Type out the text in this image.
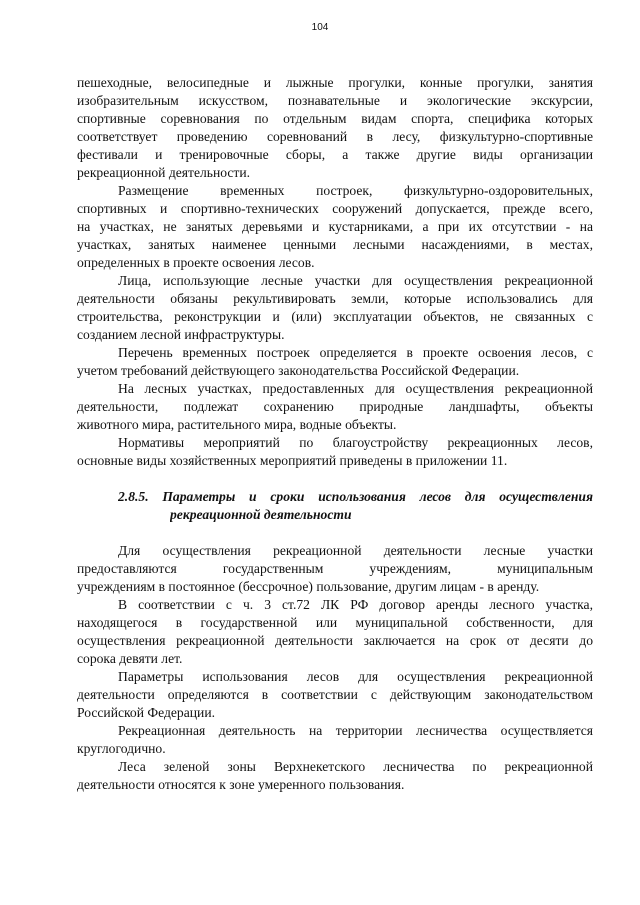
104
пешеходные, велосипедные и лыжные прогулки, конные прогулки, занятия
изобразительным искусством, познавательные и экологические экскурсии,
спортивные соревнования по отдельным видам спорта, специфика которых
соответствует проведению соревнований в лесу, физкультурно-спортивные
фестивали и тренировочные сборы, а также другие виды организации
рекреационной деятельности.
Размещение временных построек, физкультурно-оздоровительных,
спортивных и спортивно-технических сооружений допускается, прежде всего,
на участках, не занятых деревьями и кустарниками, а при их отсутствии - на
участках, занятых наименее ценными лесными насаждениями, в местах,
определенных в проекте освоения лесов.
Лица, использующие лесные участки для осуществления рекреационной
деятельности обязаны рекультивировать земли, которые использовались для
строительства, реконструкции и (или) эксплуатации объектов, не связанных с
созданием лесной инфраструктуры.
Перечень временных построек определяется в проекте освоения лесов, с
учетом требований действующего законодательства Российской Федерации.
На лесных участках, предоставленных для осуществления рекреационной
деятельности, подлежат сохранению природные ландшафты, объекты
животного мира, растительного мира, водные объекты.
Нормативы мероприятий по благоустройству рекреационных лесов,
основные виды хозяйственных мероприятий приведены в приложении 11.
2.8.5. Параметры и сроки использования лесов для осуществления
рекреационной деятельности
Для осуществления рекреационной деятельности лесные участки
предоставляются государственным учреждениям, муниципальным
учреждениям в постоянное (бессрочное) пользование, другим лицам - в аренду.
В соответствии с ч. 3 ст.72 ЛК РФ договор аренды лесного участка,
находящегося в государственной или муниципальной собственности, для
осуществления рекреационной деятельности заключается на срок от десяти до
сорока девяти лет.
Параметры использования лесов для осуществления рекреационной
деятельности определяются в соответствии с действующим законодательством
Российской Федерации.
Рекреационная деятельность на территории лесничества осуществляется
круглогодично.
Леса зеленой зоны Верхнекетского лесничества по рекреационной
деятельности относятся к зоне умеренного пользования.
